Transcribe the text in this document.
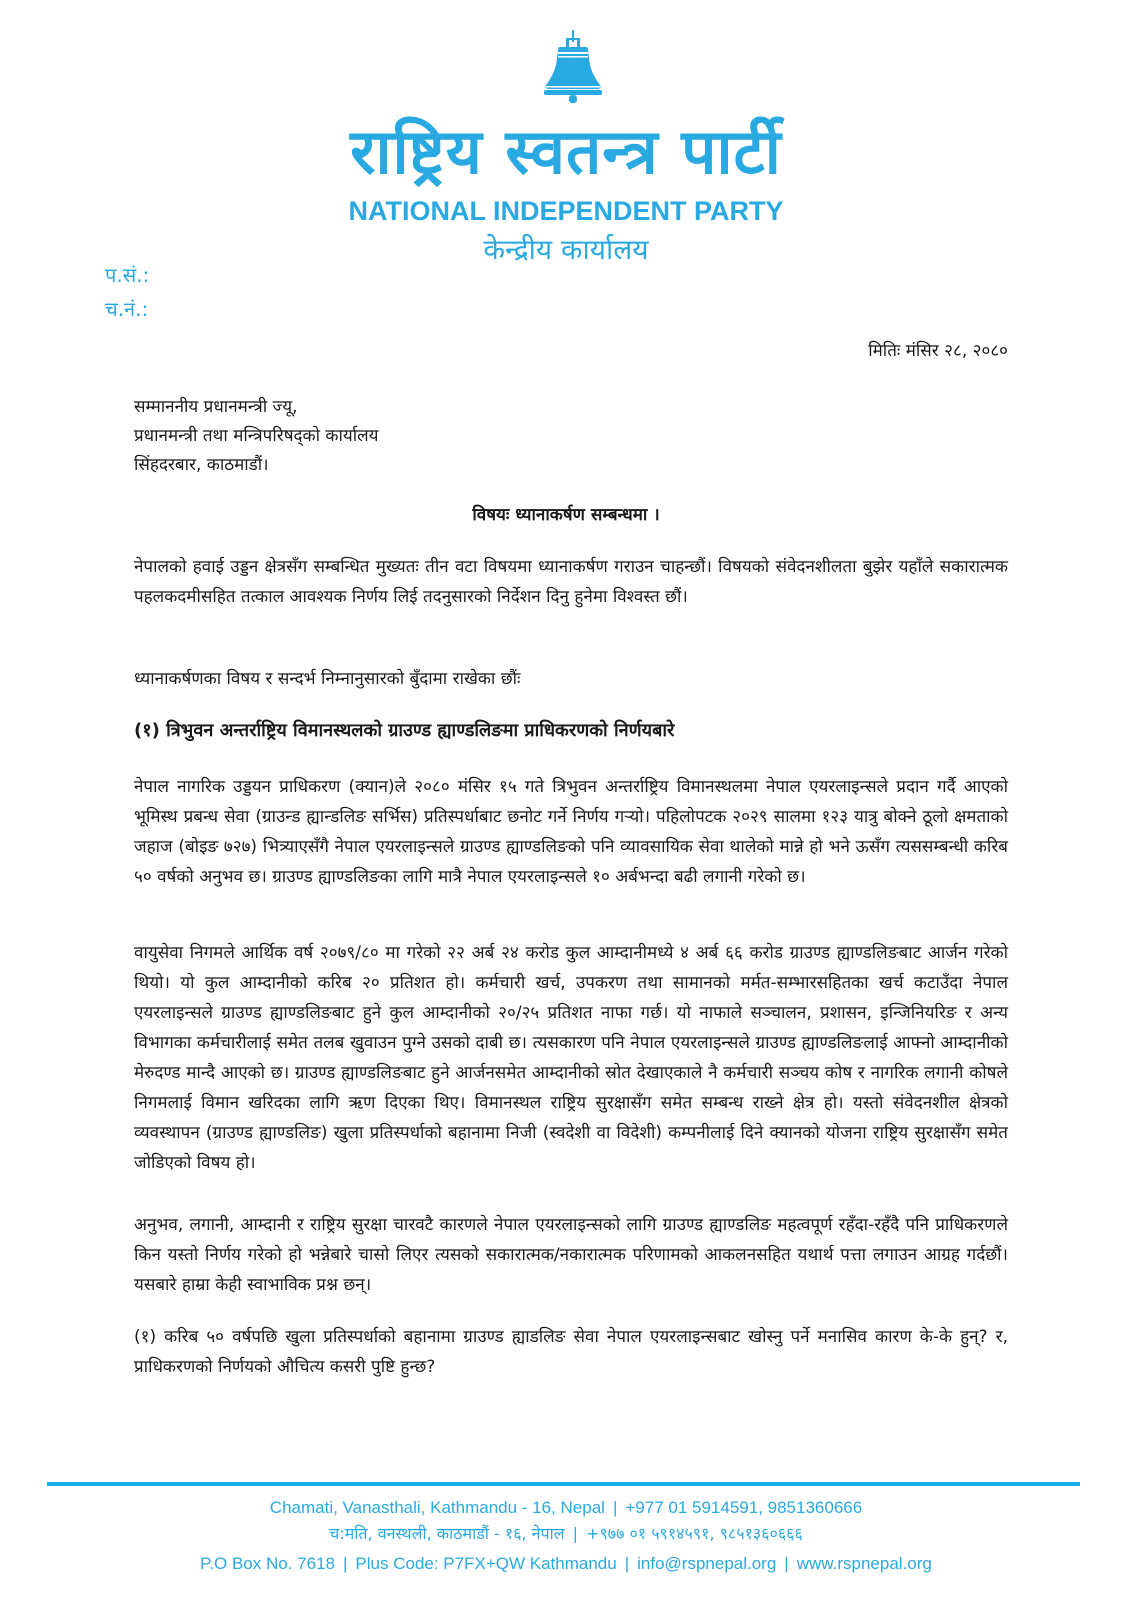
राष्ट्रिय स्वतन्त्र पार्टी
NATIONAL INDEPENDENT PARTY
केन्द्रीय कार्यालय
प.सं.:
च.नं.:
मितिः मंसिर २८, २०८०
सम्माननीय प्रधानमन्त्री ज्यू,
प्रधानमन्त्री तथा मन्त्रिपरिषद्को कार्यालय
सिंहदरबार, काठमाडौं।
विषयः ध्यानाकर्षण सम्बन्धमा ।
नेपालको हवाई उड्डन क्षेत्रसँग सम्बन्धित मुख्यतः तीन वटा विषयमा ध्यानाकर्षण गराउन चाहन्छौं। विषयको संवेदनशीलता बुझेर यहाँले सकारात्मक पहलकदमीसहित तत्काल आवश्यक निर्णय लिई तदनुसारको निर्देशन दिनु हुनेमा विश्वस्त छौं।
ध्यानाकर्षणका विषय र सन्दर्भ निम्नानुसारको बुँदामा राखेका छौंः
(१) त्रिभुवन अन्तर्राष्ट्रिय विमानस्थलको ग्राउण्ड ह्याण्डलिङमा प्राधिकरणको निर्णयबारे
नेपाल नागरिक उड्डयन प्राधिकरण (क्यान)ले २०८० मंसिर १५ गते त्रिभुवन अन्तर्राष्ट्रिय विमानस्थलमा नेपाल एयरलाइन्सले प्रदान गर्दै आएको भूमिस्थ प्रबन्ध सेवा (ग्राउन्ड ह्यान्डलिङ सर्भिस) प्रतिस्पर्धाबाट छनोट गर्ने निर्णय गऱ्यो। पहिलोपटक २०२९ सालमा १२३ यात्रु बोक्ने ठूलो क्षमताको जहाज (बोइङ ७२७) भित्र्याएसँगै नेपाल एयरलाइन्सले ग्राउण्ड ह्याण्डलिङको पनि व्यावसायिक सेवा थालेको मान्ने हो भने ऊसँग त्यससम्बन्धी करिब ५० वर्षको अनुभव छ। ग्राउण्ड ह्याण्डलिङका लागि मात्रै नेपाल एयरलाइन्सले १० अर्बभन्दा बढी लगानी गरेको छ।
वायुसेवा निगमले आर्थिक वर्ष २०७९/८० मा गरेको २२ अर्ब २४ करोड कुल आम्दानीमध्ये ४ अर्ब ६६ करोड ग्राउण्ड ह्याण्डलिङबाट आर्जन गरेको थियो। यो कुल आम्दानीको करिब २० प्रतिशत हो। कर्मचारी खर्च, उपकरण तथा सामानको मर्मत-सम्भारसहितका खर्च कटाउँदा नेपाल एयरलाइन्सले ग्राउण्ड ह्याण्डलिङबाट हुने कुल आम्दानीको २०/२५ प्रतिशत नाफा गर्छ। यो नाफाले सञ्चालन, प्रशासन, इन्जिनियरिङ र अन्य विभागका कर्मचारीलाई समेत तलब खुवाउन पुग्ने उसको दाबी छ। त्यसकारण पनि नेपाल एयरलाइन्सले ग्राउण्ड ह्याण्डलिङलाई आफ्नो आम्दानीको मेरुदण्ड मान्दै आएको छ। ग्राउण्ड ह्याण्डलिङबाट हुने आर्जनसमेत आम्दानीको स्रोत देखाएकाले नै कर्मचारी सञ्चय कोष र नागरिक लगानी कोषले निगमलाई विमान खरिदका लागि ऋण दिएका थिए। विमानस्थल राष्ट्रिय सुरक्षासँग समेत सम्बन्ध राख्ने क्षेत्र हो। यस्तो संवेदनशील क्षेत्रको व्यवस्थापन (ग्राउण्ड ह्याण्डलिङ) खुला प्रतिस्पर्धाको बहानामा निजी (स्वदेशी वा विदेशी) कम्पनीलाई दिने क्यानको योजना राष्ट्रिय सुरक्षासँग समेत जोडिएको विषय हो।
अनुभव, लगानी, आम्दानी र राष्ट्रिय सुरक्षा चारवटै कारणले नेपाल एयरलाइन्सको लागि ग्राउण्ड ह्याण्डलिङ महत्वपूर्ण रहँदा-रहँदै पनि प्राधिकरणले किन यस्तो निर्णय गरेको हो भन्नेबारे चासो लिएर त्यसको सकारात्मक/नकारात्मक परिणामको आकलनसहित यथार्थ पत्ता लगाउन आग्रह गर्दछौं। यसबारे हाम्रा केही स्वाभाविक प्रश्न छन्।
(१) करिब ५० वर्षपछि खुला प्रतिस्पर्धाको बहानामा ग्राउण्ड ह्याडलिङ सेवा नेपाल एयरलाइन्सबाट खोस्नु पर्ने मनासिव कारण के-के हुन्? र, प्राधिकरणको निर्णयको औचित्य कसरी पुष्टि हुन्छ?
Chamati, Vanasthali, Kathmandu - 16, Nepal | +977 01 5914591, 9851360666
च:मति, वनस्थली, काठमाडौं - १६, नेपाल | +९७७ ०१ ५९१४५९१, ९८५१३६०६६६
P.O Box No. 7618 | Plus Code: P7FX+QW Kathmandu | info@rspnepal.org | www.rspnepal.org
